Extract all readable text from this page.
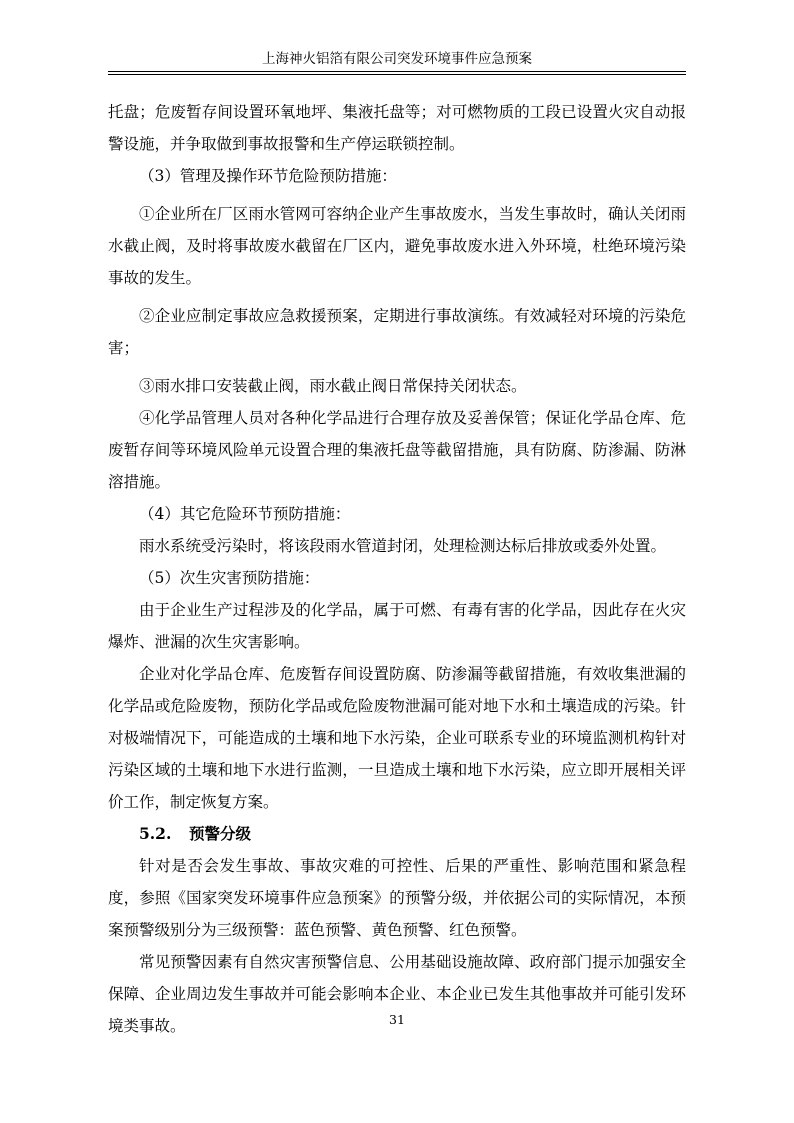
上海神火铝箔有限公司突发环境事件应急预案

托盘；危废暂存间设置环氧地坪、集液托盘等；对可燃物质的工段已设置火灾自动报警设施，并争取做到事故报警和生产停运联锁控制。

（3）管理及操作环节危险预防措施：

①企业所在厂区雨水管网可容纳企业产生事故废水，当发生事故时，确认关闭雨水截止阀，及时将事故废水截留在厂区内，避免事故废水进入外环境，杜绝环境污染事故的发生。

②企业应制定事故应急救援预案，定期进行事故演练。有效减轻对环境的污染危害；

③雨水排口安装截止阀，雨水截止阀日常保持关闭状态。

④化学品管理人员对各种化学品进行合理存放及妥善保管；保证化学品仓库、危废暂存间等环境风险单元设置合理的集液托盘等截留措施，具有防腐、防渗漏、防淋溶措施。

（4）其它危险环节预防措施：

雨水系统受污染时，将该段雨水管道封闭，处理检测达标后排放或委外处置。

（5）次生灾害预防措施：

由于企业生产过程涉及的化学品，属于可燃、有毒有害的化学品，因此存在火灾爆炸、泄漏的次生灾害影响。

企业对化学品仓库、危废暂存间设置防腐、防渗漏等截留措施，有效收集泄漏的化学品或危险废物，预防化学品或危险废物泄漏可能对地下水和土壤造成的污染。针对极端情况下，可能造成的土壤和地下水污染，企业可联系专业的环境监测机构针对污染区域的土壤和地下水进行监测，一旦造成土壤和地下水污染，应立即开展相关评价工作，制定恢复方案。

5.2. 预警分级

针对是否会发生事故、事故灾难的可控性、后果的严重性、影响范围和紧急程度，参照《国家突发环境事件应急预案》的预警分级，并依据公司的实际情况，本预案预警级别分为三级预警：蓝色预警、黄色预警、红色预警。

常见预警因素有自然灾害预警信息、公用基础设施故障、政府部门提示加强安全保障、企业周边发生事故并可能会影响本企业、本企业已发生其他事故并可能引发环境类事故。	31
